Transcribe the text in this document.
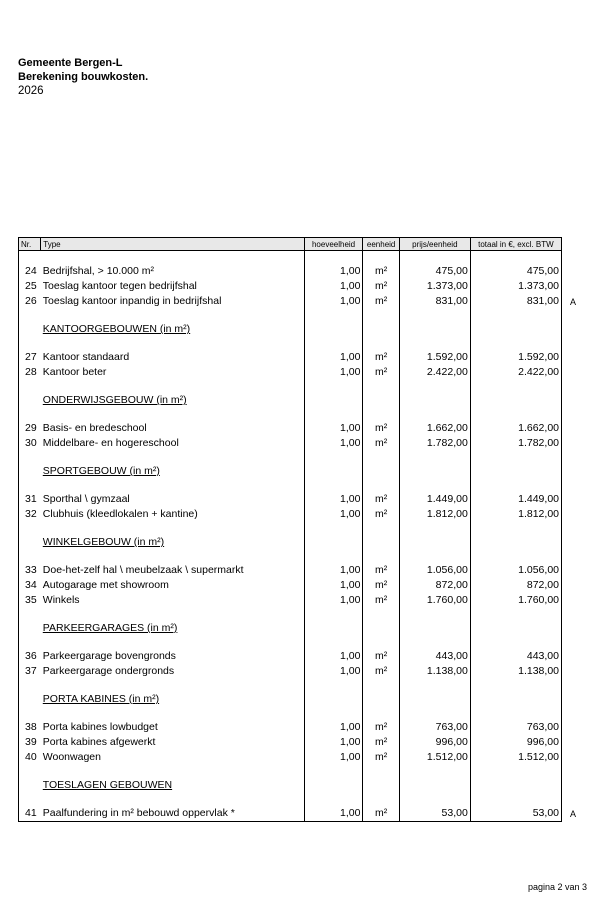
Gemeente Bergen-L
Berekening bouwkosten.
2026
Nr.	Type	hoeveelheid	eenheid	prijs/eenheid	totaal in €, excl. BTW

24	Bedrijfshal, > 10.000 m²	1,00	m²	475,00	475,00
25	Toeslag kantoor tegen bedrijfshal	1,00	m²	1.373,00	1.373,00
26	Toeslag kantoor inpandig in bedrijfshal	1,00	m²	831,00	831,00

	KANTOORGEBOUWEN (in m²)				

27	Kantoor standaard	1,00	m²	1.592,00	1.592,00
28	Kantoor beter	1,00	m²	2.422,00	2.422,00

	ONDERWIJSGEBOUW (in m²)				

29	Basis- en bredeschool	1,00	m²	1.662,00	1.662,00
30	Middelbare- en hogereschool	1,00	m²	1.782,00	1.782,00

	SPORTGEBOUW (in m²)				

31	Sporthal \ gymzaal	1,00	m²	1.449,00	1.449,00
32	Clubhuis (kleedlokalen + kantine)	1,00	m²	1.812,00	1.812,00

	WINKELGEBOUW (in m²)				

33	Doe-het-zelf hal \ meubelzaak \ supermarkt	1,00	m²	1.056,00	1.056,00
34	Autogarage met showroom	1,00	m²	872,00	872,00
35	Winkels	1,00	m²	1.760,00	1.760,00

	PARKEERGARAGES (in m²)				

36	Parkeergarage bovengronds	1,00	m²	443,00	443,00
37	Parkeergarage ondergronds	1,00	m²	1.138,00	1.138,00

	PORTA KABINES (in m²)				

38	Porta kabines lowbudget	1,00	m²	763,00	763,00
39	Porta kabines afgewerkt	1,00	m²	996,00	996,00
40	Woonwagen	1,00	m²	1.512,00	1.512,00

	TOESLAGEN GEBOUWEN				

41	Paalfundering in m² bebouwd oppervlak *	1,00	m²	53,00	53,00
A
A
pagina 2 van 3
